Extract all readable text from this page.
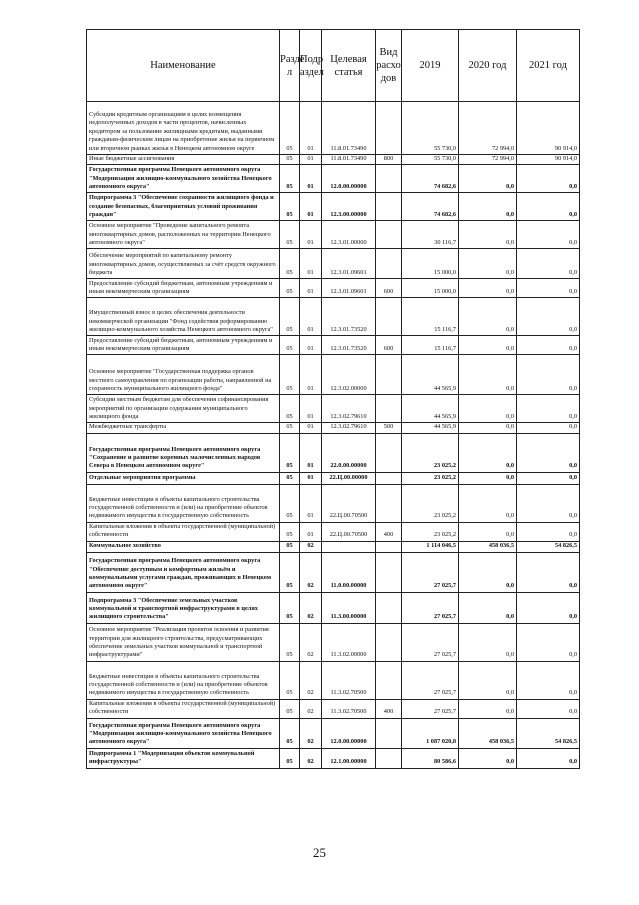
Наименование	Разде л	Подр аздел	Целевая статья	Вид расхо дов	2019	2020 год	2021 год
Субсидии кредитным организациям в целях возмещения недополученных доходов в части процентов, начисленных кредитором за пользование жилищными кредитами, выданными гражданам-физическим лицам на приобретение жилья на первичном или вторичном рынках жилья в Ненецком автономном округе	05	01	11.8.01.73490		55 730,0	72 994,0	90 914,0
Иные бюджетные ассигнования	05	01	11.8.01.73490	800	55 730,0	72 994,0	90 914,0
Государственная программа Ненецкого автономного округа "Модернизация жилищно-коммунального хозяйства Ненецкого автономного округа"	05	01	12.0.00.00000		74 682,6	0,0	0,0
Подпрограмма 3 "Обеспечение сохранности жилищного фонда и создание безопасных, благоприятных условий проживания граждан"	05	01	12.3.00.00000		74 682,6	0,0	0,0
Основное мероприятие "Проведение капитального ремонта многоквартирных домов, расположенных на территории Ненецкого автономного округа"	05	01	12.3.01.00000		30 116,7	0,0	0,0
Обеспечение мероприятий по капитальному ремонту многоквартирных домов, осуществляемых за счёт средств окружного бюджета	05	01	12.3.01.09601		15 000,0	0,0	0,0
Предоставление субсидий бюджетным, автономным учреждениям и иным некоммерческим организациям	05	01	12.3.01.09601	600	15 000,0	0,0	0,0
Имущественный взнос в целях обеспечения деятельности некоммерческой организации "Фонд содействия реформированию жилищно-коммунального хозяйства Ненецкого автономного округа"	05	01	12.3.01.73520		15 116,7	0,0	0,0
Предоставление субсидий бюджетным, автономным учреждениям и иным некоммерческим организациям	05	01	12.3.01.73520	600	15 116,7	0,0	0,0
Основное мероприятие "Государственная поддержка органов местного самоуправления по организации работы, направленной на сохранность муниципального жилищного фонда"	05	01	12.3.02.00000		44 565,9	0,0	0,0
Субсидии местным бюджетам для обеспечения софинансирования мероприятий по организации содержания муниципального жилищного фонда	05	01	12.3.02.79610		44 565,9	0,0	0,0
Межбюджетные трансферты	05	01	12.3.02.79610	500	44 565,9	0,0	0,0
Государственная программа Ненецкого автономного округа "Сохранение и развитие коренных малочисленных народов Севера в Ненецком автономном округе"	05	01	22.0.00.00000		23 025,2	0,0	0,0
Отдельные мероприятия программы	05	01	22.Ц.00.00000		23 025,2	0,0	0,0
Бюджетные инвестиции в объекты капитального строительства государственной собственности и (или) на приобретение объектов недвижимого имущества в государственную собственность	05	01	22.Ц.00.70500		23 025,2	0,0	0,0
Капитальные вложения в объекты государственной (муниципальной) собственности	05	01	22.Ц.00.70500	400	23 025,2	0,0	0,0
Коммунальное хозяйство	05	02			1 114 046,5	458 036,5	54 826,5
Государственная программа Ненецкого автономного округа "Обеспечение доступным и комфортным жильём и коммунальными услугами граждан, проживающих в Ненецком автономном округе"	05	02	11.0.00.00000		27 025,7	0,0	0,0
Подпрограмма 3 "Обеспечение земельных участков коммунальной и транспортной инфраструктурами в целях жилищного строительства"	05	02	11.3.00.00000		27 025,7	0,0	0,0
Основное мероприятие "Реализация проектов освоения и развития территории для жилищного строительства, предусматривающих обеспечение земельных участков коммунальной и транспортной инфраструктурами"	05	02	11.3.02.00000		27 025,7	0,0	0,0
Бюджетные инвестиции в объекты капитального строительства государственной собственности и (или) на приобретение объектов недвижимого имущества в государственную собственность	05	02	11.3.02.70500		27 025,7	0,0	0,0
Капитальные вложения в объекты государственной (муниципальной) собственности	05	02	11.3.02.70500	400	27 025,7	0,0	0,0
Государственная программа Ненецкого автономного округа "Модернизация жилищно-коммунального хозяйства Ненецкого автономного округа"	05	02	12.0.00.00000		1 087 020,8	458 036,5	54 826,5
Подпрограмма 1 "Модернизация объектов коммунальной инфраструктуры"	05	02	12.1.00.00000		80 586,6	0,0	0,0
25
